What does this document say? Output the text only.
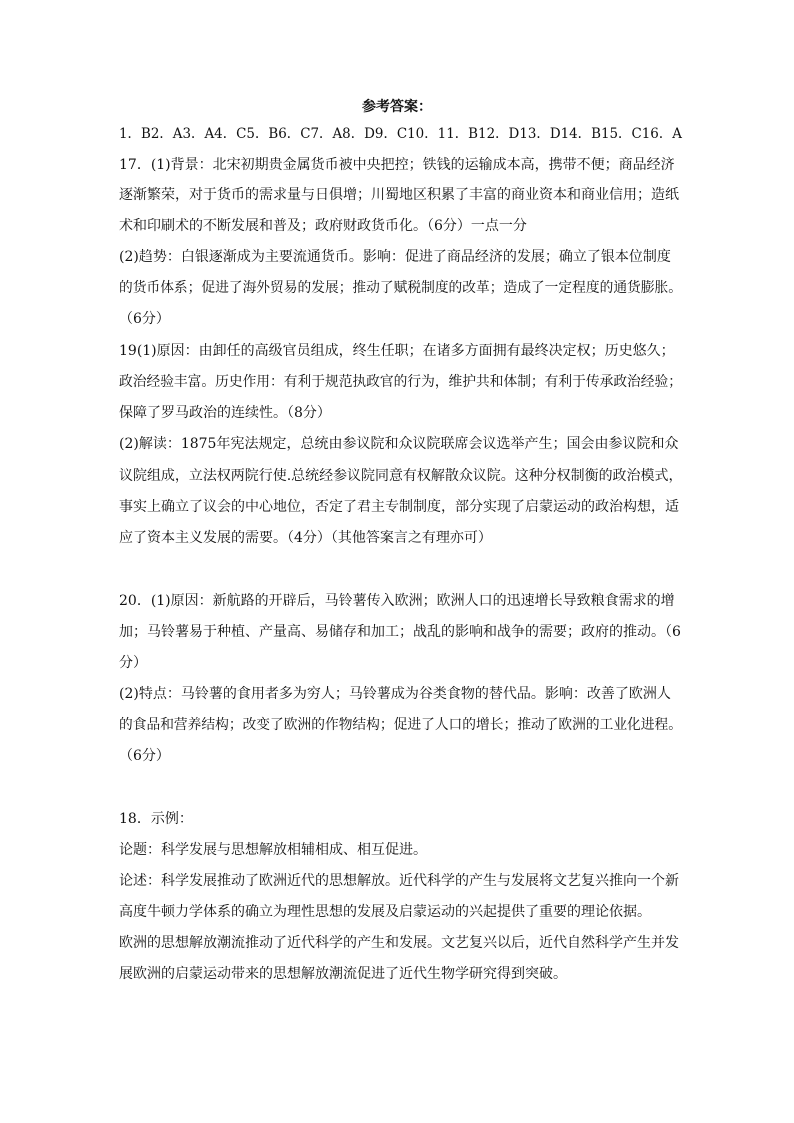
参考答案：
1．B2．A3．A4．C5．B6．C7．A8．D9．C10．11．B12．D13．D14．B15．C16．A
17．(1)背景：北宋初期贵金属货币被中央把控；铁钱的运输成本高，携带不便；商品经济
逐渐繁荣，对于货币的需求量与日俱增；川蜀地区积累了丰富的商业资本和商业信用；造纸
术和印刷术的不断发展和普及；政府财政货币化。（6分）一点一分
(2)趋势：白银逐渐成为主要流通货币。影响：促进了商品经济的发展；确立了银本位制度
的货币体系；促进了海外贸易的发展；推动了赋税制度的改革；造成了一定程度的通货膨胀。
（6分）
19(1)原因：由卸任的高级官员组成，终生任职；在诸多方面拥有最终决定权；历史悠久；
政治经验丰富。历史作用：有利于规范执政官的行为，维护共和体制；有利于传承政治经验；
保障了罗马政治的连续性。（8分）
(2)解读：1875年宪法规定，总统由参议院和众议院联席会议选举产生；国会由参议院和众
议院组成，立法权两院行使.总统经参议院同意有权解散众议院。这种分权制衡的政治模式，
事实上确立了议会的中心地位，否定了君主专制制度，部分实现了启蒙运动的政治构想，适
应了资本主义发展的需要。（4分）（其他答案言之有理亦可）
20．(1)原因：新航路的开辟后，马铃薯传入欧洲；欧洲人口的迅速增长导致粮食需求的增
加；马铃薯易于种植、产量高、易储存和加工；战乱的影响和战争的需要；政府的推动。（6
分）
(2)特点：马铃薯的食用者多为穷人；马铃薯成为谷类食物的替代品。影响：改善了欧洲人
的食品和营养结构；改变了欧洲的作物结构；促进了人口的增长；推动了欧洲的工业化进程。
（6分）
18．示例：
论题：科学发展与思想解放相辅相成、相互促进。
论述：科学发展推动了欧洲近代的思想解放。近代科学的产生与发展将文艺复兴推向一个新
高度牛顿力学体系的确立为理性思想的发展及启蒙运动的兴起提供了重要的理论依据。
欧洲的思想解放潮流推动了近代科学的产生和发展。文艺复兴以后，近代自然科学产生并发
展欧洲的启蒙运动带来的思想解放潮流促进了近代生物学研究得到突破。
